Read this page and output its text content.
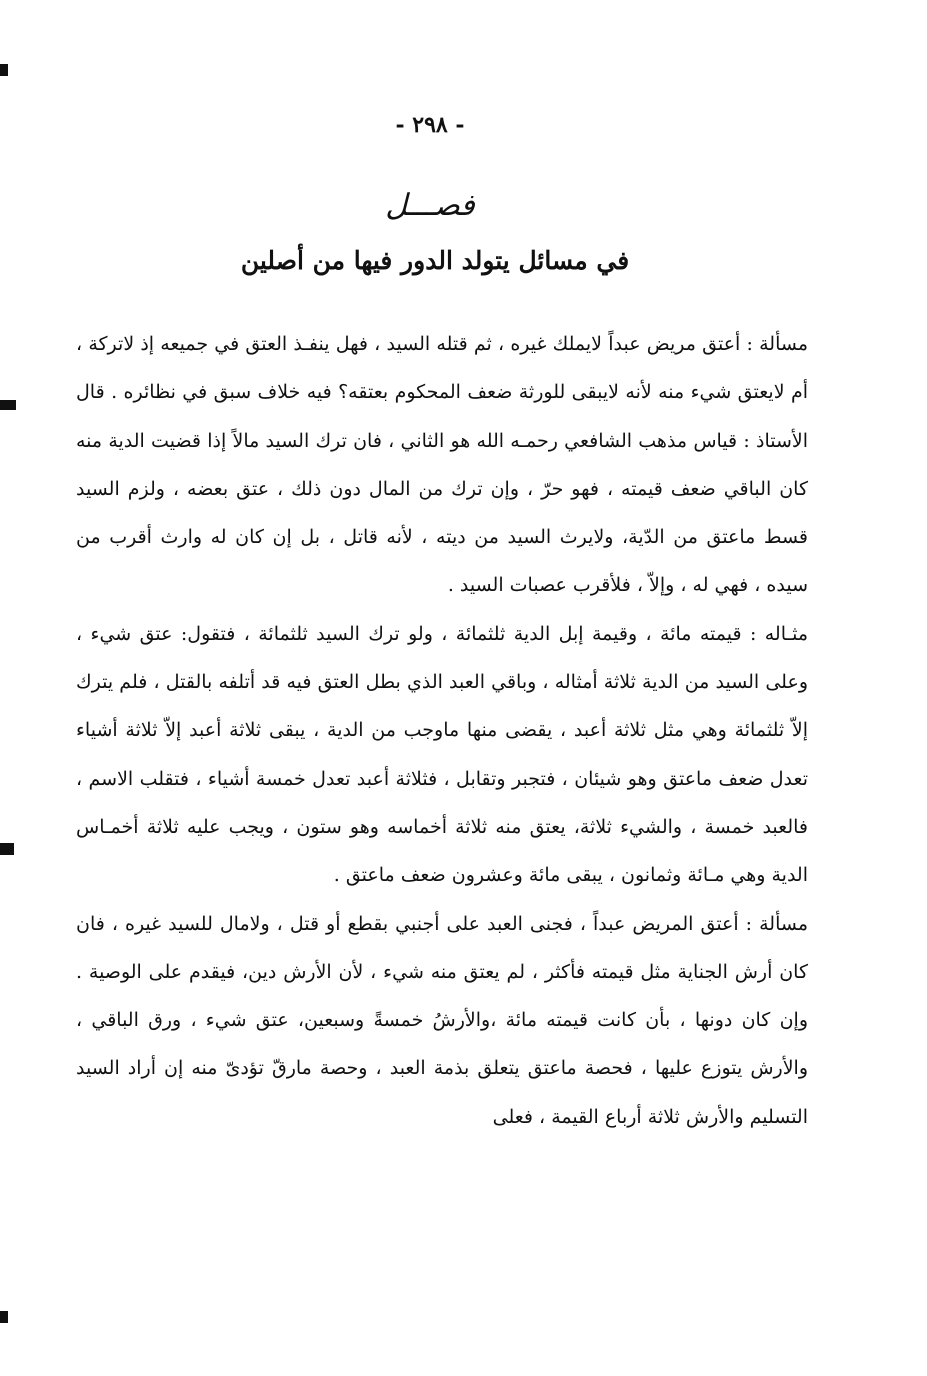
- ٢٩٨ -
فصـــل
في مسائل يتولد الدور فيها من أصلين

مسألة : أعتق مريض عبداً لايملك غيره ، ثم قتله السيد ، فهل ينفـذ العتق في جميعه إذ لاتركة ، أم لايعتق شيء منه لأنه لايبقى للورثة ضعف المحكوم بعتقه؟ فيه خلاف سبق في نظائره . قال الأستاذ : قياس مذهب الشافعي رحمـه الله هو الثاني ، فان ترك السيد مالاً إذا قضيت الدية منه كان الباقي ضعف قيمته ، فهو حرّ ، وإن ترك من المال دون ذلك ، عتق بعضه ، ولزم السيد قسط ماعتق من الدّية، ولايرث السيد من ديته ، لأنه قاتل ، بل إن كان له وارث أقرب من سيده ، فهي له ، وإلاّ ، فلأقرب عصبات السيد .

مثـاله : قيمته مائة ، وقيمة إبل الدية ثلثمائة ، ولو ترك السيد ثلثمائة ، فتقول: عتق شيء ، وعلى السيد من الدية ثلاثة أمثاله ، وباقي العبد الذي بطل العتق فيه قد أتلفه بالقتل ، فلم يترك إلاّ ثلثمائة وهي مثل ثلاثة أعبد ، يقضى منها ماوجب من الدية ، يبقى ثلاثة أعبد إلاّ ثلاثة أشياء تعدل ضعف ماعتق وهو شيئان ، فتجبر وتقابل ، فثلاثة أعبد تعدل خمسة أشياء ، فتقلب الاسم ، فالعبد خمسة ، والشيء ثلاثة، يعتق منه ثلاثة أخماسه وهو ستون ، ويجب عليه ثلاثة أخمـاس الدية وهي مـائة وثمانون ، يبقى مائة وعشرون ضعف ماعتق .

مسألة : أعتق المريض عبداً ، فجنى العبد على أجنبي بقطع أو قتل ، ولامال للسيد غيره ، فان كان أرش الجناية مثل قيمته فأكثر ، لم يعتق منه شيء ، لأن الأرش دين، فيقدم على الوصية . وإن كان دونها ، بأن كانت قيمته مائة ،والأرشُ خمسةً وسبعين، عتق شيء ، ورق الباقي ، والأرش يتوزع عليها ، فحصة ماعتق يتعلق بذمة العبد ، وحصة مارقّ تؤدىّ منه إن أراد السيد التسليم والأرش ثلاثة أرباع القيمة ، فعلى
